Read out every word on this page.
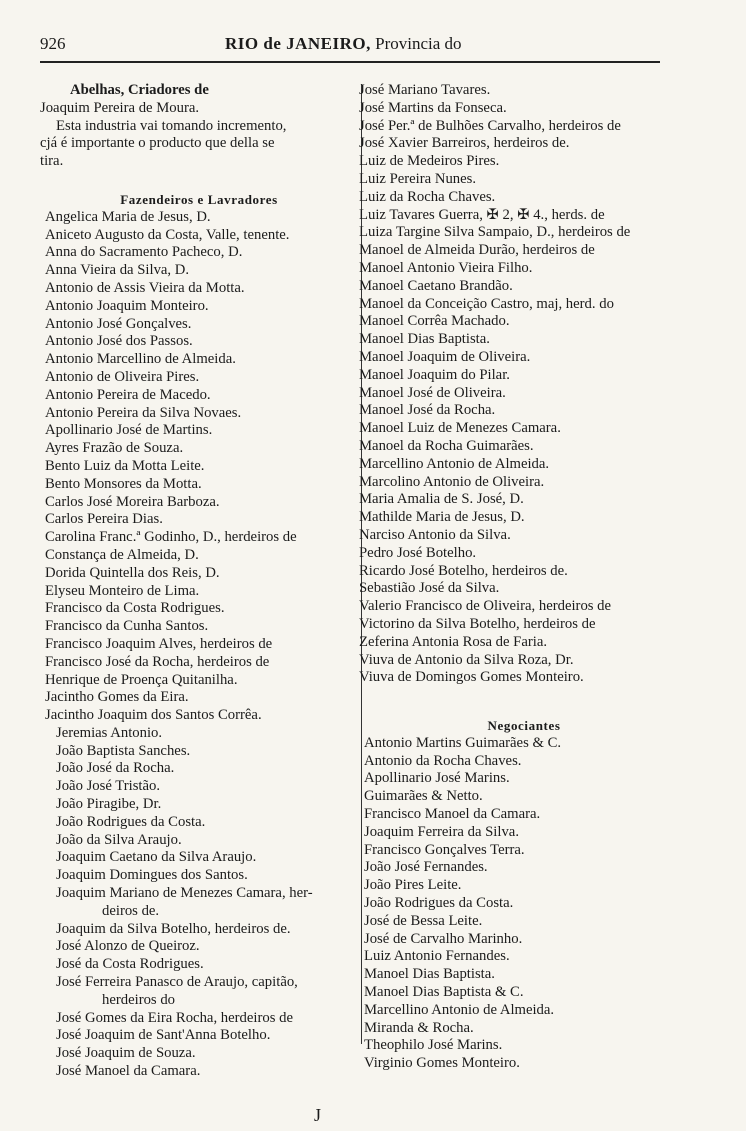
926	RIO de JANEIRO, Provincia do
Abelhas, Criadores de
Joaquim Pereira de Moura.
Esta industria vai tomando incremento,
cjá é importante o producto que della se
tira.
Fazendeiros e Lavradores
Angelica Maria de Jesus, D.
Aniceto Augusto da Costa, Valle, tenente.
Anna do Sacramento Pacheco, D.
Anna Vieira da Silva, D.
Antonio de Assis Vieira da Motta.
Antonio Joaquim Monteiro.
Antonio José Gonçalves.
Antonio José dos Passos.
Antonio Marcellino de Almeida.
Antonio de Oliveira Pires.
Antonio Pereira de Macedo.
Antonio Pereira da Silva Novaes.
Apollinario José de Martins.
Ayres Frazão de Souza.
Bento Luiz da Motta Leite.
Bento Monsores da Motta.
Carlos José Moreira Barboza.
Carlos Pereira Dias.
Carolina Franc.ª Godinho, D., herdeiros de
Constança de Almeida, D.
Dorida Quintella dos Reis, D.
Elyseu Monteiro de Lima.
Francisco da Costa Rodrigues.
Francisco da Cunha Santos.
Francisco Joaquim Alves, herdeiros de
Francisco José da Rocha, herdeiros de
Henrique de Proença Quitanilha.
Jacintho Gomes da Eira.
Jacintho Joaquim dos Santos Corrêa.
Jeremias Antonio.
João Baptista Sanches.
João José da Rocha.
João José Tristão.
João Piragibe, Dr.
João Rodrigues da Costa.
João da Silva Araujo.
Joaquim Caetano da Silva Araujo.
Joaquim Domingues dos Santos.
Joaquim Mariano de Menezes Camara, her-
deiros de.
Joaquim da Silva Botelho, herdeiros de.
José Alonzo de Queiroz.
José da Costa Rodrigues.
José Ferreira Panasco de Araujo, capitão,
herdeiros do
José Gomes da Eira Rocha, herdeiros de
José Joaquim de Sant'Anna Botelho.
José Joaquim de Souza.
José Manoel da Camara.
José Mariano Tavares.
José Martins da Fonseca.
José Per.ª de Bulhões Carvalho, herdeiros de
José Xavier Barreiros, herdeiros de.
Luiz de Medeiros Pires.
Luiz Pereira Nunes.
Luiz da Rocha Chaves.
Luiz Tavares Guerra, ✠ 2, ✠ 4., herds. de
Luiza Targine Silva Sampaio, D., herdeiros de
Manoel de Almeida Durão, herdeiros de
Manoel Antonio Vieira Filho.
Manoel Caetano Brandão.
Manoel da Conceição Castro, maj, herd. do
Manoel Corrêa Machado.
Manoel Dias Baptista.
Manoel Joaquim de Oliveira.
Manoel Joaquim do Pilar.
Manoel José de Oliveira.
Manoel José da Rocha.
Manoel Luiz de Menezes Camara.
Manoel da Rocha Guimarães.
Marcellino Antonio de Almeida.
Marcolino Antonio de Oliveira.
Maria Amalia de S. José, D.
Mathilde Maria de Jesus, D.
Narciso Antonio da Silva.
Pedro José Botelho.
Ricardo José Botelho, herdeiros de.
Sebastião José da Silva.
Valerio Francisco de Oliveira, herdeiros de
Victorino da Silva Botelho, herdeiros de
Zeferina Antonia Rosa de Faria.
Viuva de Antonio da Silva Roza, Dr.
Viuva de Domingos Gomes Monteiro.
Negociantes
Antonio Martins Guimarães & C.
Antonio da Rocha Chaves.
Apollinario José Marins.
Guimarães & Netto.
Francisco Manoel da Camara.
Joaquim Ferreira da Silva.
Francisco Gonçalves Terra.
João José Fernandes.
João Pires Leite.
João Rodrigues da Costa.
José de Bessa Leite.
José de Carvalho Marinho.
Luiz Antonio Fernandes.
Manoel Dias Baptista.
Manoel Dias Baptista & C.
Marcellino Antonio de Almeida.
Miranda & Rocha.
Theophilo José Marins.
Virginio Gomes Monteiro.
J
